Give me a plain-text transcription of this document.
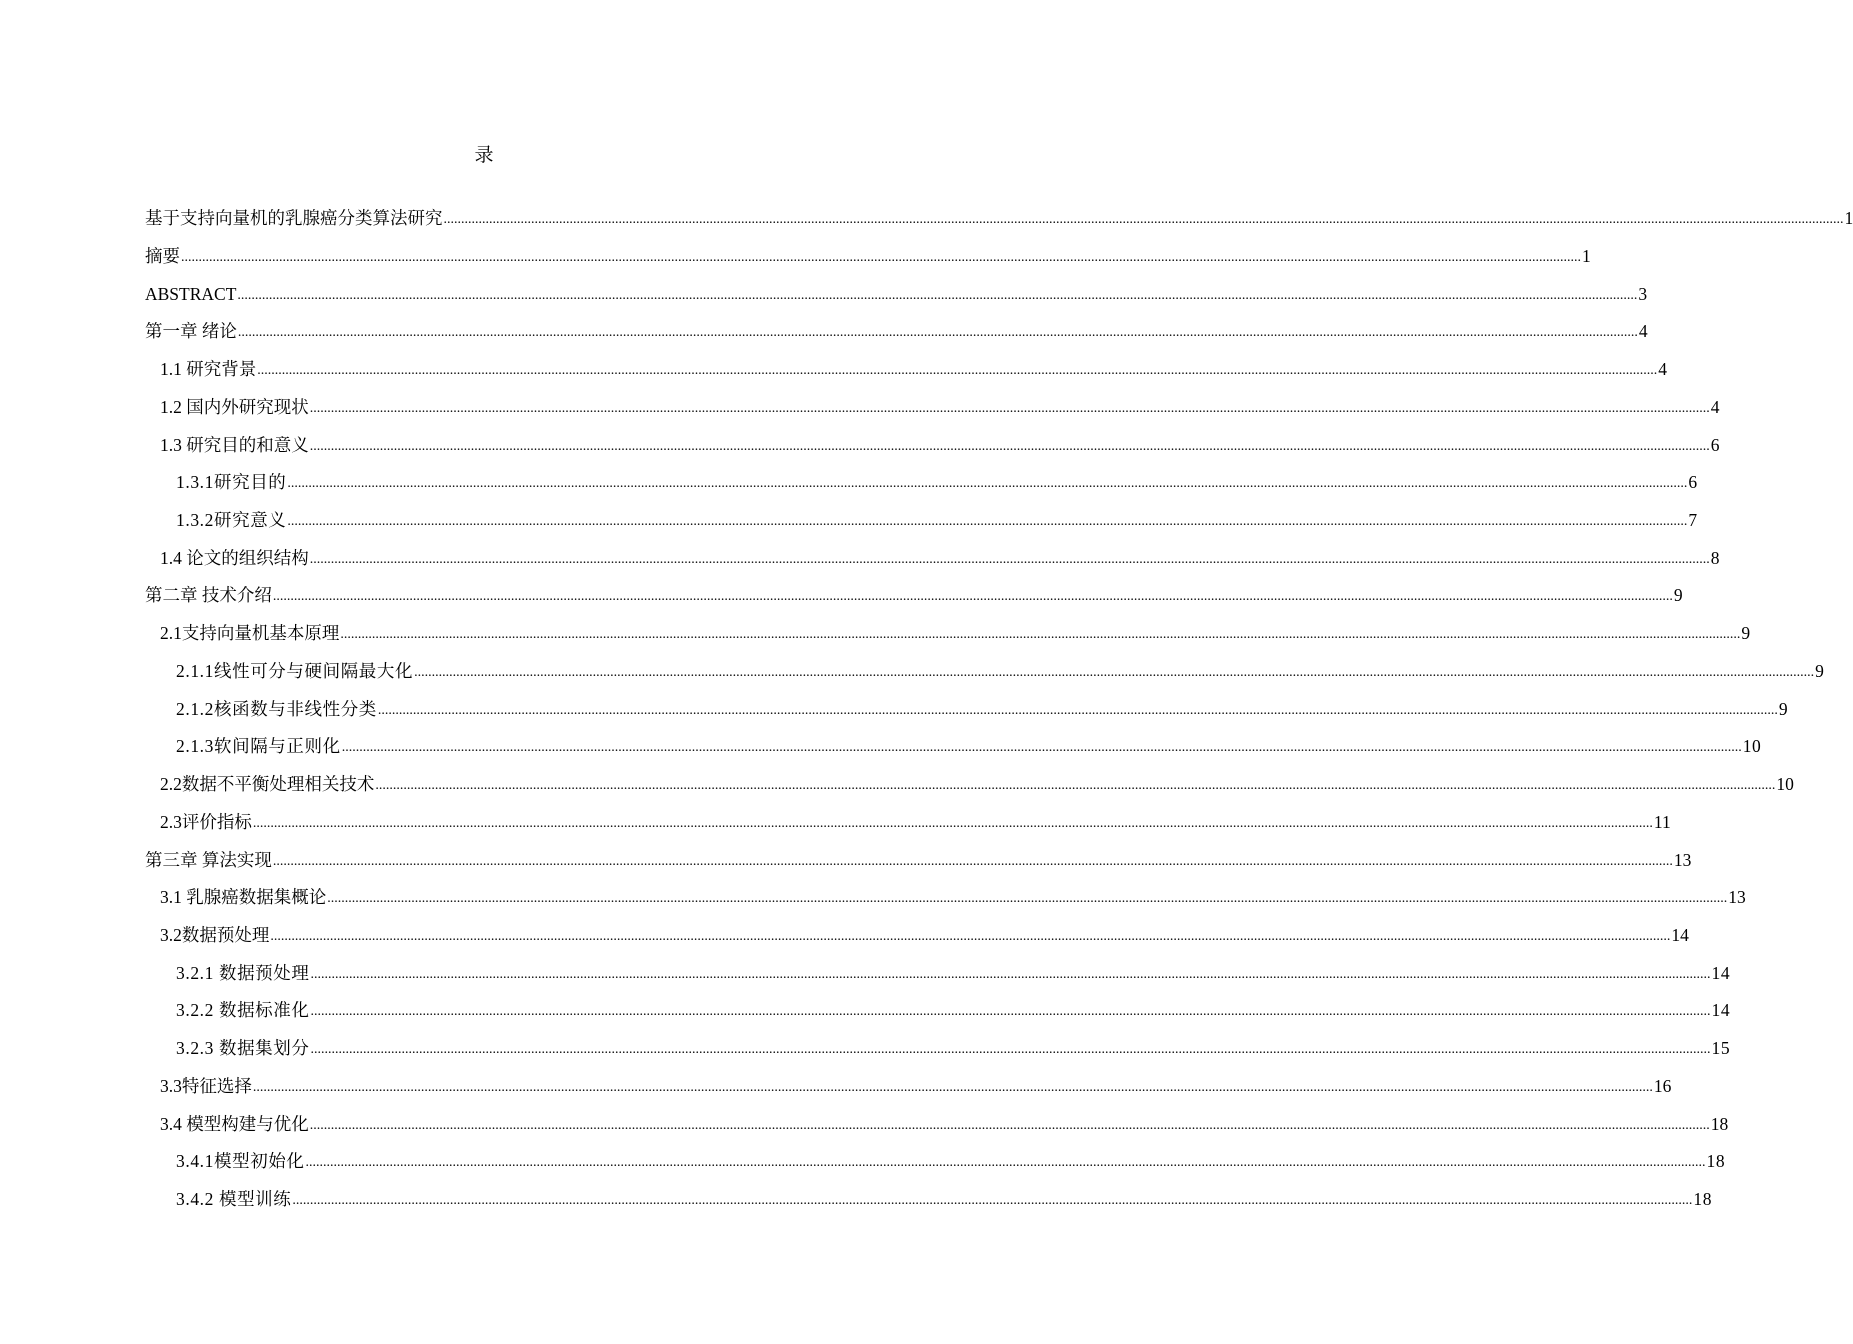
录
基于支持向量机的乳腺癌分类算法研究 ................................................................................................................................................................................................................................................................................................................................................................................................................ 1
摘要 ................................................................................................................................................................................................................................................................................................................................................................................................................ 1
ABSTRACT ................................................................................................................................................................................................................................................................................................................................................................................................................ 3
第一章 绪论 ................................................................................................................................................................................................................................................................................................................................................................................................................ 4
1.1 研究背景 ................................................................................................................................................................................................................................................................................................................................................................................................................ 4
1.2 国内外研究现状 ................................................................................................................................................................................................................................................................................................................................................................................................................ 4
1.3 研究目的和意义 ................................................................................................................................................................................................................................................................................................................................................................................................................ 6
1.3.1研究目的 ................................................................................................................................................................................................................................................................................................................................................................................................................ 6
1.3.2研究意义 ................................................................................................................................................................................................................................................................................................................................................................................................................ 7
1.4 论文的组织结构 ................................................................................................................................................................................................................................................................................................................................................................................................................ 8
第二章 技术介绍 ................................................................................................................................................................................................................................................................................................................................................................................................................ 9
2.1支持向量机基本原理 ................................................................................................................................................................................................................................................................................................................................................................................................................ 9
2.1.1线性可分与硬间隔最大化 ................................................................................................................................................................................................................................................................................................................................................................................................................ 9
2.1.2核函数与非线性分类 ................................................................................................................................................................................................................................................................................................................................................................................................................ 9
2.1.3软间隔与正则化 ................................................................................................................................................................................................................................................................................................................................................................................................................ 10
2.2数据不平衡处理相关技术 ................................................................................................................................................................................................................................................................................................................................................................................................................ 10
2.3评价指标 ................................................................................................................................................................................................................................................................................................................................................................................................................ 11
第三章 算法实现 ................................................................................................................................................................................................................................................................................................................................................................................................................ 13
3.1 乳腺癌数据集概论 ................................................................................................................................................................................................................................................................................................................................................................................................................ 13
3.2数据预处理 ................................................................................................................................................................................................................................................................................................................................................................................................................ 14
3.2.1 数据预处理 ................................................................................................................................................................................................................................................................................................................................................................................................................ 14
3.2.2 数据标准化 ................................................................................................................................................................................................................................................................................................................................................................................................................ 14
3.2.3 数据集划分 ................................................................................................................................................................................................................................................................................................................................................................................................................ 15
3.3特征选择 ................................................................................................................................................................................................................................................................................................................................................................................................................ 16
3.4 模型构建与优化 ................................................................................................................................................................................................................................................................................................................................................................................................................ 18
3.4.1模型初始化 ................................................................................................................................................................................................................................................................................................................................................................................................................ 18
3.4.2 模型训练 ................................................................................................................................................................................................................................................................................................................................................................................................................ 18
